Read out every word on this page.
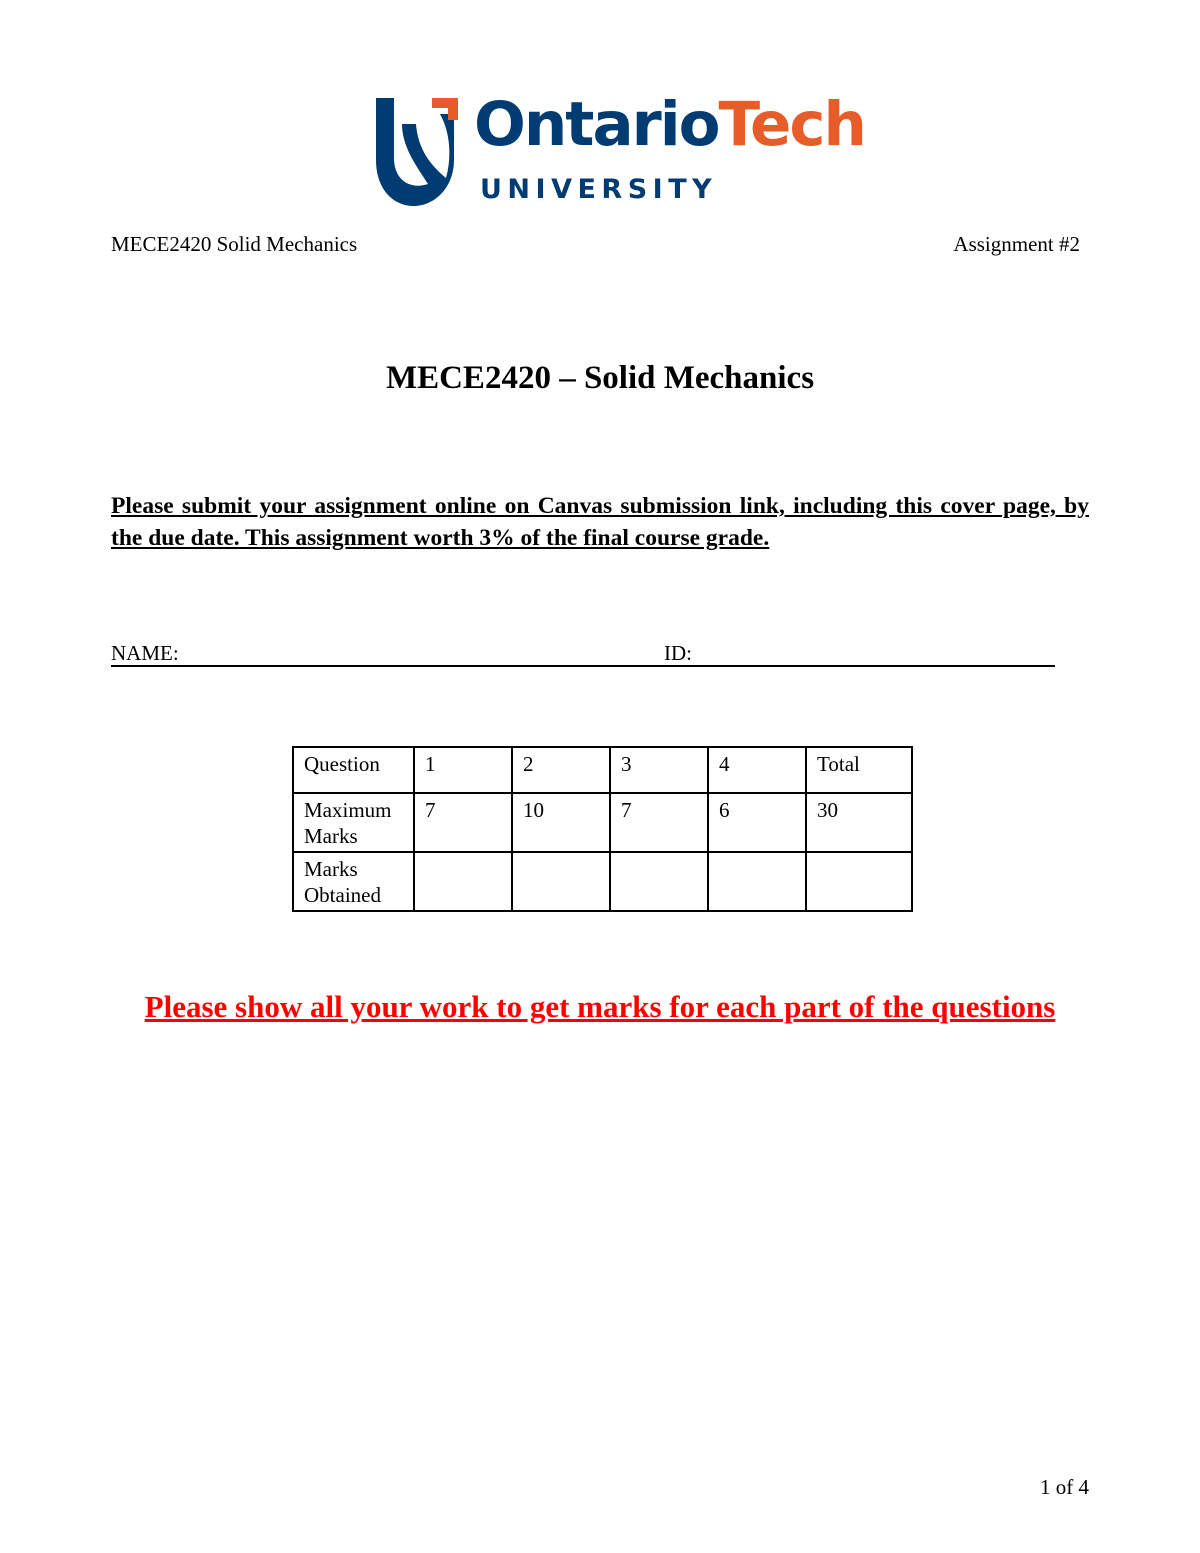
OntarioTech
UNIVERSITY
MECE2420 Solid Mechanics	Assignment #2
MECE2420 – Solid Mechanics
Please submit your assignment online on Canvas submission link, including this cover page, by the due date. This assignment worth 3% of the final course grade.
NAME:	ID:
Question	1	2	3	4	Total
Maximum Marks	7	10	7	6	30
Marks Obtained					
Please show all your work to get marks for each part of the questions
1 of 4
